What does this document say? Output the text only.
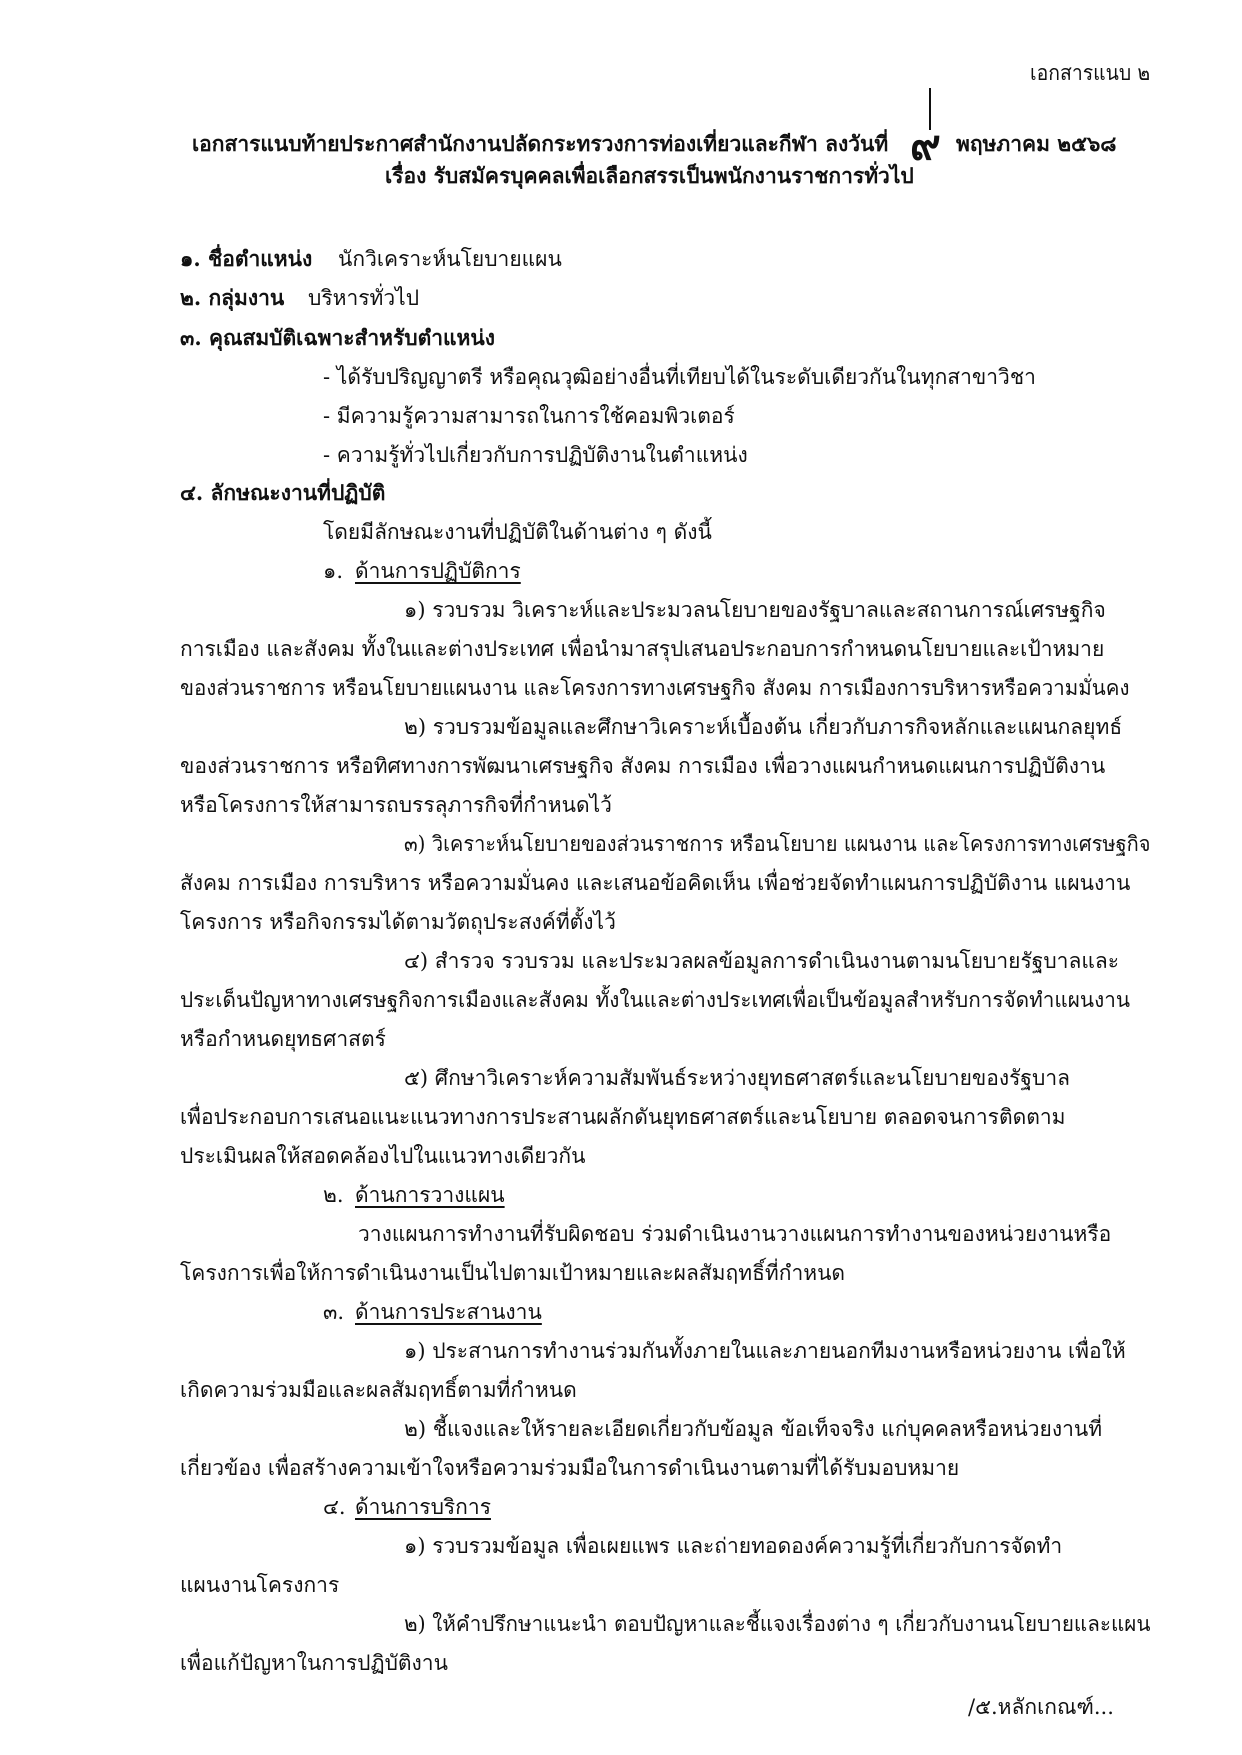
เอกสารแนบ ๒
เอกสารแนบท้ายประกาศสำนักงานปลัดกระทรวงการท่องเที่ยวและกีฬา ลงวันที่ ๙ พฤษภาคม ๒๕๖๘
เรื่อง รับสมัครบุคคลเพื่อเลือกสรรเป็นพนักงานราชการทั่วไป
๑. ชื่อตำแหน่ง นักวิเคราะห์นโยบายแผน
๒. กลุ่มงาน บริหารทั่วไป
๓. คุณสมบัติเฉพาะสำหรับตำแหน่ง
- ได้รับปริญญาตรี หรือคุณวุฒิอย่างอื่นที่เทียบได้ในระดับเดียวกันในทุกสาขาวิชา
- มีความรู้ความสามารถในการใช้คอมพิวเตอร์
- ความรู้ทั่วไปเกี่ยวกับการปฏิบัติงานในตำแหน่ง
๔. ลักษณะงานที่ปฏิบัติ
โดยมีลักษณะงานที่ปฏิบัติในด้านต่าง ๆ ดังนี้
๑. ด้านการปฏิบัติการ
๑) รวบรวม วิเคราะห์และประมวลนโยบายของรัฐบาลและสถานการณ์เศรษฐกิจ
การเมือง และสังคม ทั้งในและต่างประเทศ เพื่อนำมาสรุปเสนอประกอบการกำหนดนโยบายและเป้าหมาย
ของส่วนราชการ หรือนโยบายแผนงาน และโครงการทางเศรษฐกิจ สังคม การเมืองการบริหารหรือความมั่นคง
๒) รวบรวมข้อมูลและศึกษาวิเคราะห์เบื้องต้น เกี่ยวกับภารกิจหลักและแผนกลยุทธ์
ของส่วนราชการ หรือทิศทางการพัฒนาเศรษฐกิจ สังคม การเมือง เพื่อวางแผนกำหนดแผนการปฏิบัติงาน
หรือโครงการให้สามารถบรรลุภารกิจที่กำหนดไว้
๓) วิเคราะห์นโยบายของส่วนราชการ หรือนโยบาย แผนงาน และโครงการทางเศรษฐกิจ
สังคม การเมือง การบริหาร หรือความมั่นคง และเสนอข้อคิดเห็น เพื่อช่วยจัดทำแผนการปฏิบัติงาน แผนงาน
โครงการ หรือกิจกรรมได้ตามวัตถุประสงค์ที่ตั้งไว้
๔) สำรวจ รวบรวม และประมวลผลข้อมูลการดำเนินงานตามนโยบายรัฐบาลและ
ประเด็นปัญหาทางเศรษฐกิจการเมืองและสังคม ทั้งในและต่างประเทศเพื่อเป็นข้อมูลสำหรับการจัดทำแผนงาน
หรือกำหนดยุทธศาสตร์
๕) ศึกษาวิเคราะห์ความสัมพันธ์ระหว่างยุทธศาสตร์และนโยบายของรัฐบาล
เพื่อประกอบการเสนอแนะแนวทางการประสานผลักดันยุทธศาสตร์และนโยบาย ตลอดจนการติดตาม
ประเมินผลให้สอดคล้องไปในแนวทางเดียวกัน
๒. ด้านการวางแผน
วางแผนการทำงานที่รับผิดชอบ ร่วมดำเนินงานวางแผนการทำงานของหน่วยงานหรือ
โครงการเพื่อให้การดำเนินงานเป็นไปตามเป้าหมายและผลสัมฤทธิ์ที่กำหนด
๓. ด้านการประสานงาน
๑) ประสานการทำงานร่วมกันทั้งภายในและภายนอกทีมงานหรือหน่วยงาน เพื่อให้
เกิดความร่วมมือและผลสัมฤทธิ์ตามที่กำหนด
๒) ชี้แจงและให้รายละเอียดเกี่ยวกับข้อมูล ข้อเท็จจริง แก่บุคคลหรือหน่วยงานที่
เกี่ยวข้อง เพื่อสร้างความเข้าใจหรือความร่วมมือในการดำเนินงานตามที่ได้รับมอบหมาย
๔. ด้านการบริการ
๑) รวบรวมข้อมูล เพื่อเผยแพร และถ่ายทอดองค์ความรู้ที่เกี่ยวกับการจัดทำ
แผนงานโครงการ
๒) ให้คำปรึกษาแนะนำ ตอบปัญหาและชี้แจงเรื่องต่าง ๆ เกี่ยวกับงานนโยบายและแผน
เพื่อแก้ปัญหาในการปฏิบัติงาน
/๕.หลักเกณฑ์...
